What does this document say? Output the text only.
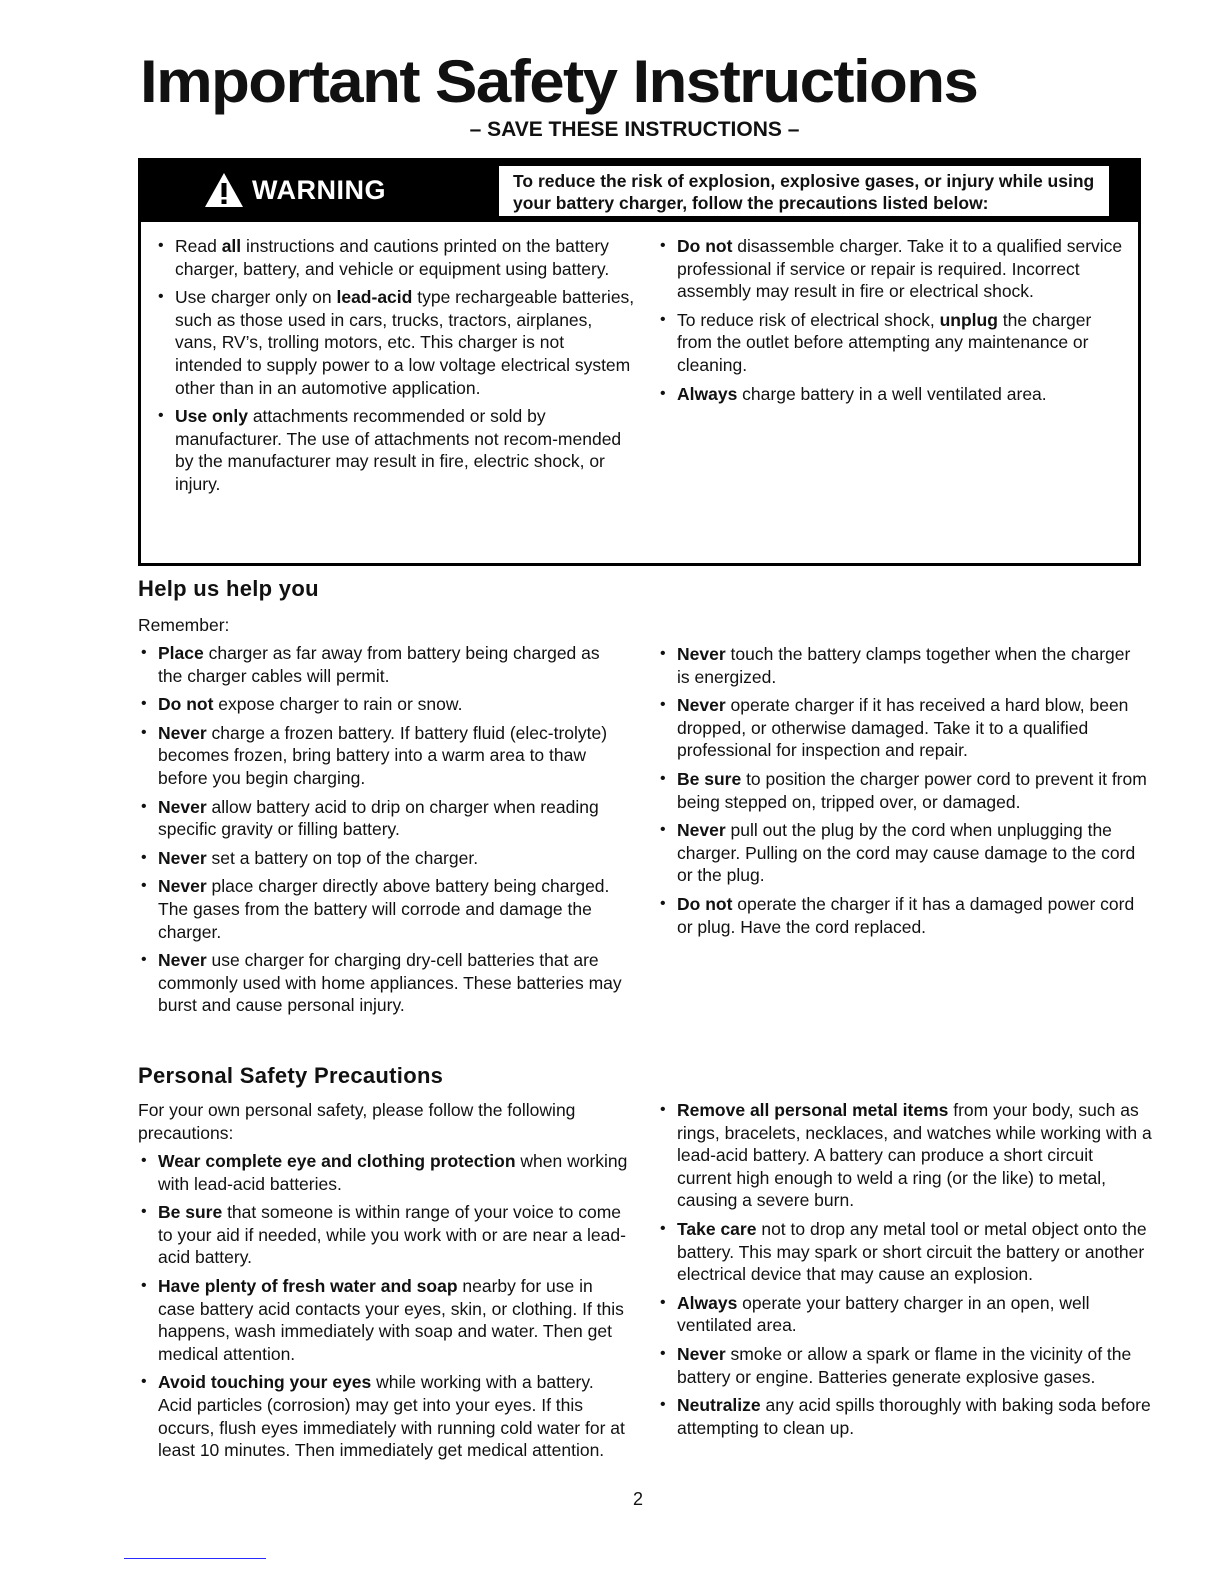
Important Safety Instructions

– SAVE THESE INSTRUCTIONS –

WARNING	To reduce the risk of explosion, explosive gases, or injury while using your battery charger, follow the precautions listed below:
• Read all instructions and cautions printed on the battery charger, battery, and vehicle or equipment using battery.
• Use charger only on lead-acid type rechargeable batteries, such as those used in cars, trucks, tractors, airplanes, vans, RV’s, trolling motors, etc. This charger is not intended to supply power to a low voltage electrical system other than in an automotive application.
• Use only attachments recommended or sold by manufacturer. The use of attachments not recom-mended by the manufacturer may result in fire, electric shock, or injury.
• Do not disassemble charger. Take it to a qualified service professional if service or repair is required. Incorrect assembly may result in fire or electrical shock.
• To reduce risk of electrical shock, unplug the charger from the outlet before attempting any maintenance or cleaning.
• Always charge battery in a well ventilated area.
Help us help you

Remember:

• Place charger as far away from battery being charged as the charger cables will permit.
• Do not expose charger to rain or snow.
• Never charge a frozen battery. If battery fluid (elec-trolyte) becomes frozen, bring battery into a warm area to thaw before you begin charging.
• Never allow battery acid to drip on charger when reading specific gravity or filling battery.
• Never set a battery on top of the charger.
• Never place charger directly above battery being charged. The gases from the battery will corrode and damage the charger.
• Never use charger for charging dry-cell batteries that are commonly used with home appliances. These batteries may burst and cause personal injury.
• Never touch the battery clamps together when the charger is energized.
• Never operate charger if it has received a hard blow, been dropped, or otherwise damaged. Take it to a qualified professional for inspection and repair.
• Be sure to position the charger power cord to prevent it from being stepped on, tripped over, or damaged.
• Never pull out the plug by the cord when unplugging the charger. Pulling on the cord may cause damage to the cord or the plug.
• Do not operate the charger if it has a damaged power cord or plug. Have the cord replaced.
Personal Safety Precautions

For your own personal safety, please follow the following precautions:

• Wear complete eye and clothing protection when working with lead-acid batteries.
• Be sure that someone is within range of your voice to come to your aid if needed, while you work with or are near a lead-acid battery.
• Have plenty of fresh water and soap nearby for use in case battery acid contacts your eyes, skin, or clothing. If this happens, wash immediately with soap and water. Then get medical attention.
• Avoid touching your eyes while working with a battery. Acid particles (corrosion) may get into your eyes. If this occurs, flush eyes immediately with running cold water for at least 10 minutes. Then immediately get medical attention.
• Remove all personal metal items from your body, such as rings, bracelets, necklaces, and watches while working with a lead-acid battery. A battery can produce a short circuit current high enough to weld a ring (or the like) to metal, causing a severe burn.
• Take care not to drop any metal tool or metal object onto the battery. This may spark or short circuit the battery or another electrical device that may cause an explosion.
• Always operate your battery charger in an open, well ventilated area.
• Never smoke or allow a spark or flame in the vicinity of the battery or engine. Batteries generate explosive gases.
• Neutralize any acid spills thoroughly with baking soda before attempting to clean up.
2
